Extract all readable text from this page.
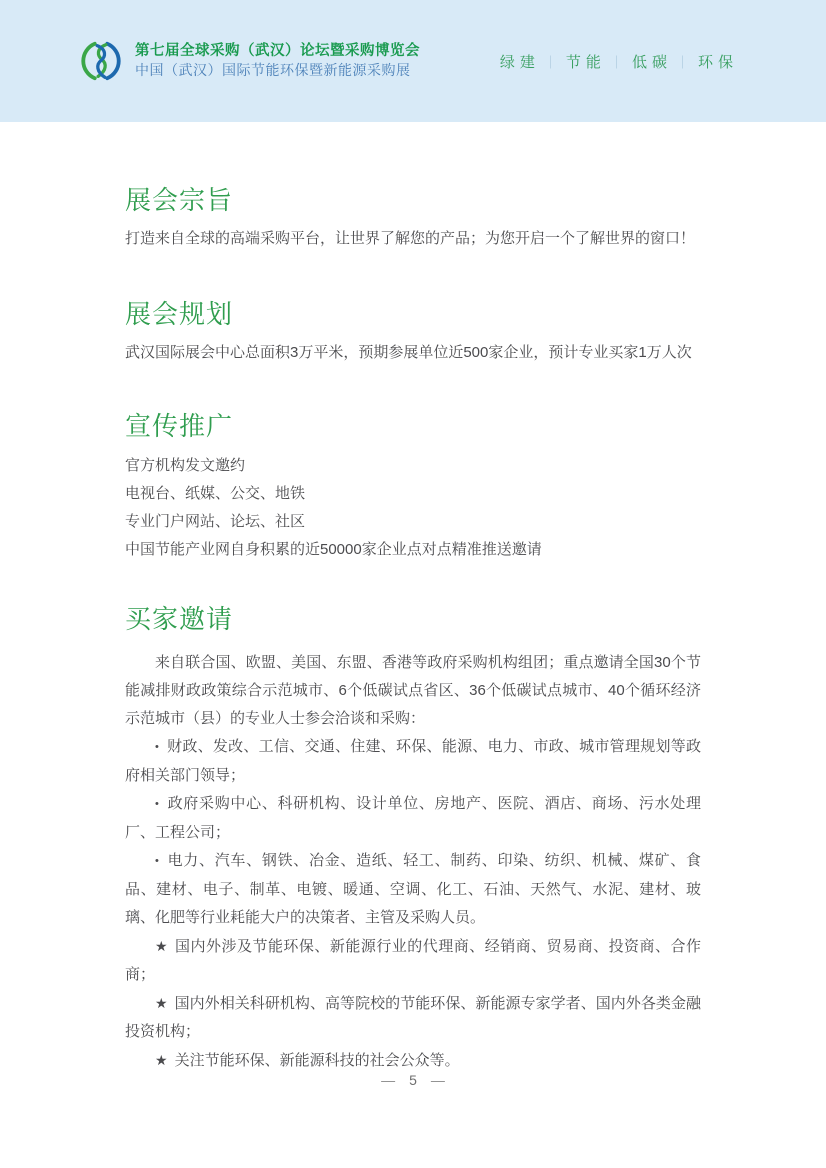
第七届全球采购（武汉）论坛暨采购博览会
中国（武汉）国际节能环保暨新能源采购展	绿建 ｜ 节能 ｜ 低碳 ｜ 环保
展会宗旨

打造来自全球的高端采购平台，让世界了解您的产品；为您开启一个了解世界的窗口！

展会规划

武汉国际展会中心总面积3万平米，预期参展单位近500家企业，预计专业买家1万人次

宣传推广

官方机构发文邀约

电视台、纸媒、公交、地铁

专业门户网站、论坛、社区

中国节能产业网自身积累的近50000家企业点对点精准推送邀请

买家邀请

来自联合国、欧盟、美国、东盟、香港等政府采购机构组团；重点邀请全国30个节能减排财政政策综合示范城市、6个低碳试点省区、36个低碳试点城市、40个循环经济示范城市（县）的专业人士参会洽谈和采购：

• 财政、发改、工信、交通、住建、环保、能源、电力、市政、城市管理规划等政府相关部门领导；

• 政府采购中心、科研机构、设计单位、房地产、医院、酒店、商场、污水处理厂、工程公司；

• 电力、汽车、钢铁、冶金、造纸、轻工、制药、印染、纺织、机械、煤矿、食品、建材、电子、制革、电镀、暖通、空调、化工、石油、天然气、水泥、建材、玻璃、化肥等行业耗能大户的决策者、主管及采购人员。

★ 国内外涉及节能环保、新能源行业的代理商、经销商、贸易商、投资商、合作商；

★ 国内外相关科研机构、高等院校的节能环保、新能源专家学者、国内外各类金融投资机构；

★ 关注节能环保、新能源科技的社会公众等。

— 5 —
